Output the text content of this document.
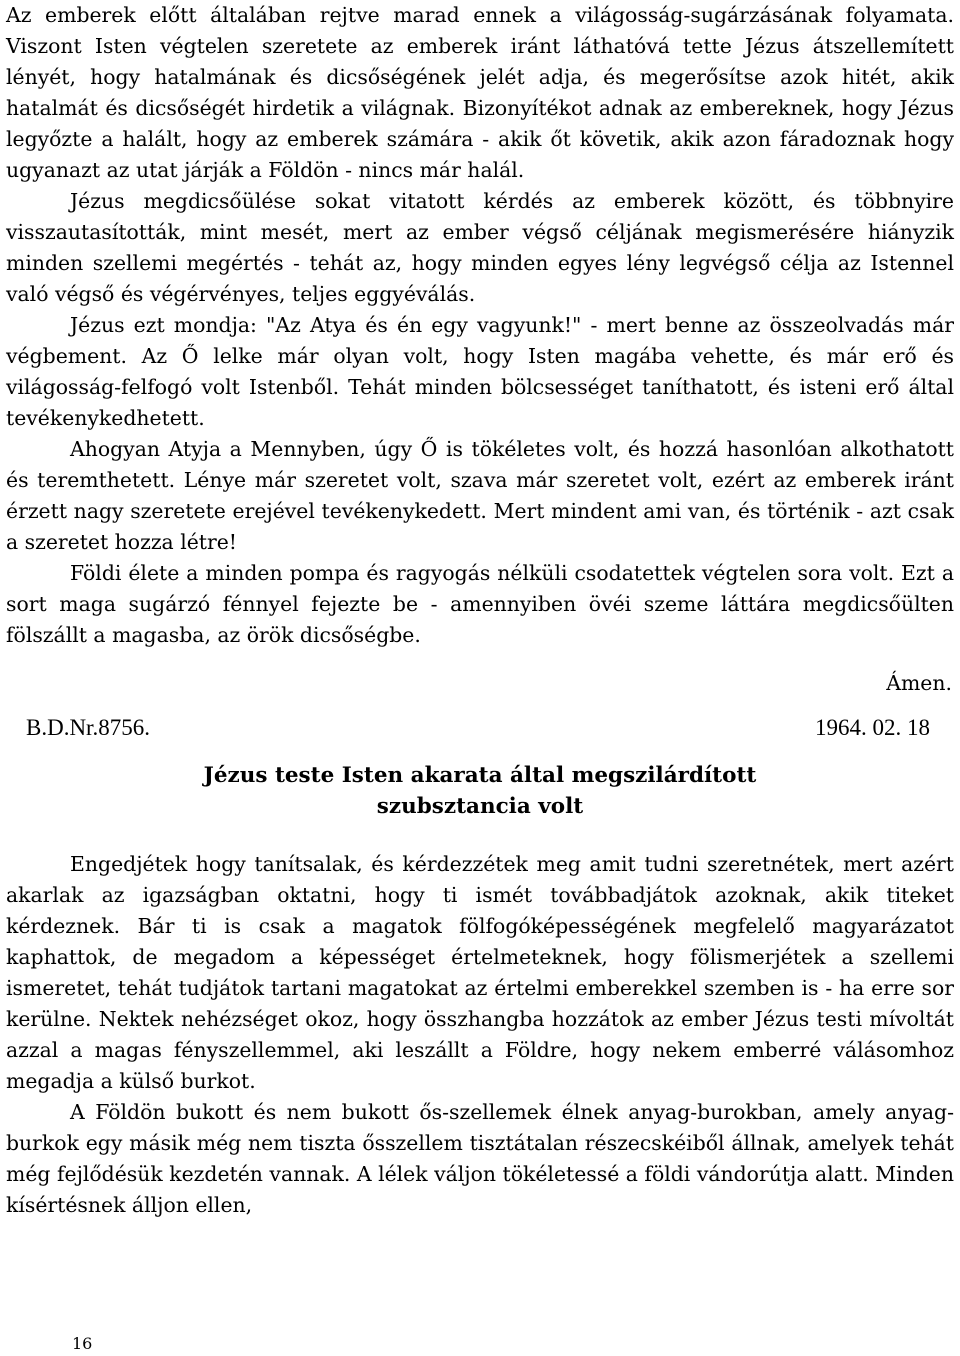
Az emberek előtt általában rejtve marad ennek a világosság-sugárzásának folyamata. Viszont Isten végtelen szeretete az emberek iránt láthatóvá tette Jézus átszellemített lényét, hogy hatalmának és dicsőségének jelét adja, és megerősítse azok hitét, akik hatalmát és dicsőségét hirdetik a világnak. Bizonyítékot adnak az embereknek, hogy Jézus legyőzte a halált, hogy az emberek számára - akik őt követik, akik azon fáradoznak hogy ugyanazt az utat járják a Földön - nincs már halál.

Jézus megdicsőülése sokat vitatott kérdés az emberek között, és többnyire visszautasították, mint mesét, mert az ember végső céljának megismerésére hiányzik minden szellemi megértés - tehát az, hogy minden egyes lény legvégső célja az Istennel való végső és végérvényes, teljes eggyéválás.

Jézus ezt mondja: "Az Atya és én egy vagyunk!" - mert benne az összeolvadás már végbement. Az Ő lelke már olyan volt, hogy Isten magába vehette, és már erő és világosság-felfogó volt Istenből. Tehát minden bölcsességet taníthatott, és isteni erő által tevékenykedhetett.

Ahogyan Atyja a Mennyben, úgy Ő is tökéletes volt, és hozzá hasonlóan alkothatott és teremthetett. Lénye már szeretet volt, szava már szeretet volt, ezért az emberek iránt érzett nagy szeretete erejével tevékenykedett. Mert mindent ami van, és történik - azt csak a szeretet hozza létre!

Földi élete a minden pompa és ragyogás nélküli csodatettek végtelen sora volt. Ezt a sort maga sugárzó fénnyel fejezte be - amennyiben övéi szeme láttára megdicsőülten fölszállt a magasba, az örök dicsőségbe.

Ámen.
B.D.Nr.8756.	1964. 02. 18
Jézus teste Isten akarata által megszilárdított
szubsztancia volt

Engedjétek hogy tanítsalak, és kérdezzétek meg amit tudni szeretnétek, mert azért akarlak az igazságban oktatni, hogy ti ismét továbbadjátok azoknak, akik titeket kérdeznek. Bár ti is csak a magatok fölfogóképességének megfelelő magyarázatot kaphattok, de megadom a képességet értelmeteknek, hogy fölismerjétek a szellemi ismeretet, tehát tudjátok tartani magatokat az értelmi emberekkel szemben is - ha erre sor kerülne. Nektek nehézséget okoz, hogy összhangba hozzátok az ember Jézus testi mívoltát azzal a magas fényszellemmel, aki leszállt a Földre, hogy nekem emberré válásomhoz megadja a külső burkot.

A Földön bukott és nem bukott ős-szellemek élnek anyag-burokban, amely anyag-burkok egy másik még nem tiszta ősszellem tisztátalan részecskéiből állnak, amelyek tehát még fejlődésük kezdetén vannak. A lélek váljon tökéletessé a földi vándorútja alatt. Minden kísértésnek álljon ellen,

16
